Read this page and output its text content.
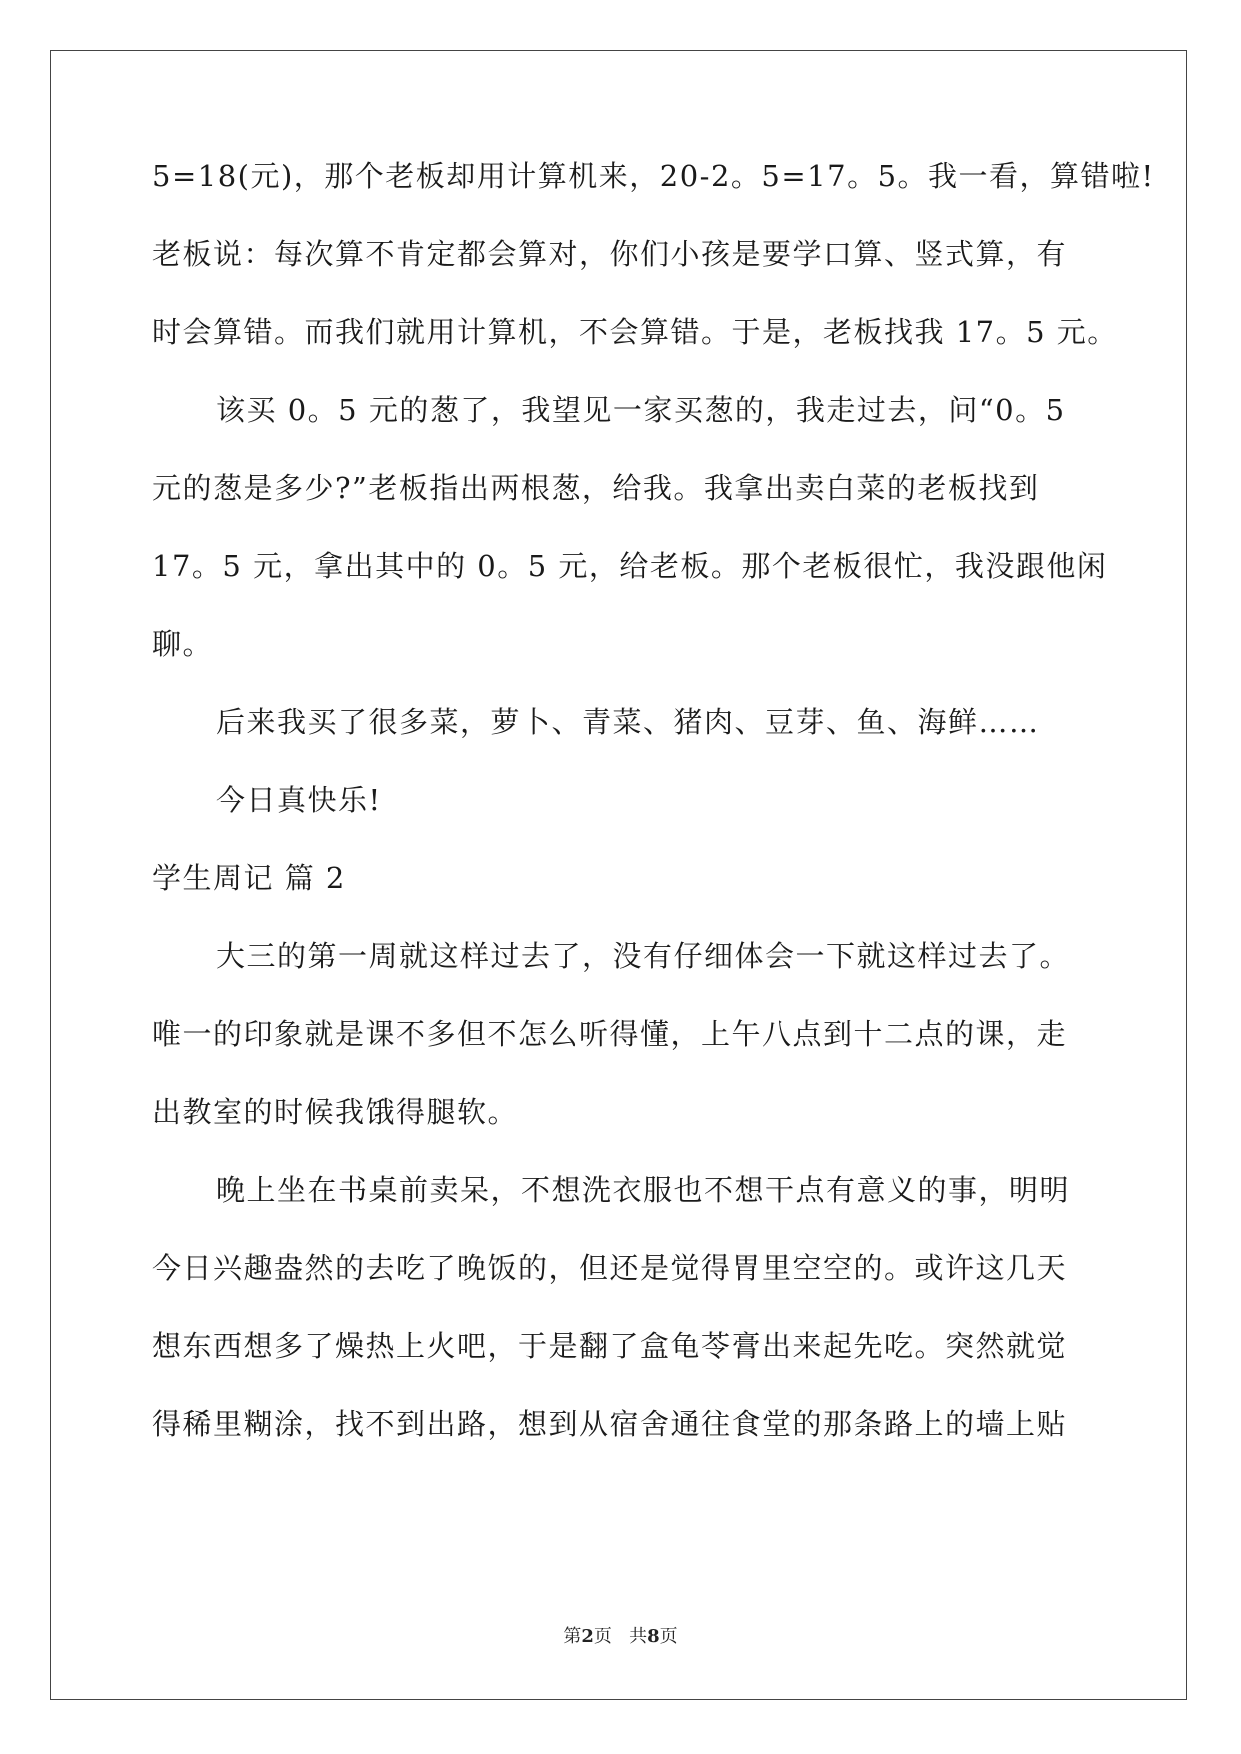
5=18(元)，那个老板却用计算机来，20-2。5=17。5。我一看，算错啦!
老板说：每次算不肯定都会算对，你们小孩是要学口算、竖式算，有
时会算错。而我们就用计算机，不会算错。于是，老板找我 17。5 元。
该买 0。5 元的葱了，我望见一家买葱的，我走过去，问“0。5
元的葱是多少?”老板指出两根葱，给我。我拿出卖白菜的老板找到
17。5 元，拿出其中的 0。5 元，给老板。那个老板很忙，我没跟他闲
聊。
后来我买了很多菜，萝卜、青菜、猪肉、豆芽、鱼、海鲜……
今日真快乐!
学生周记 篇 2
大三的第一周就这样过去了，没有仔细体会一下就这样过去了。
唯一的印象就是课不多但不怎么听得懂，上午八点到十二点的课，走
出教室的时候我饿得腿软。
晚上坐在书桌前卖呆，不想洗衣服也不想干点有意义的事，明明
今日兴趣盎然的去吃了晚饭的，但还是觉得胃里空空的。或许这几天
想东西想多了燥热上火吧，于是翻了盒龟苓膏出来起先吃。突然就觉
得稀里糊涂，找不到出路，想到从宿舍通往食堂的那条路上的墙上贴
第2页 共8页
